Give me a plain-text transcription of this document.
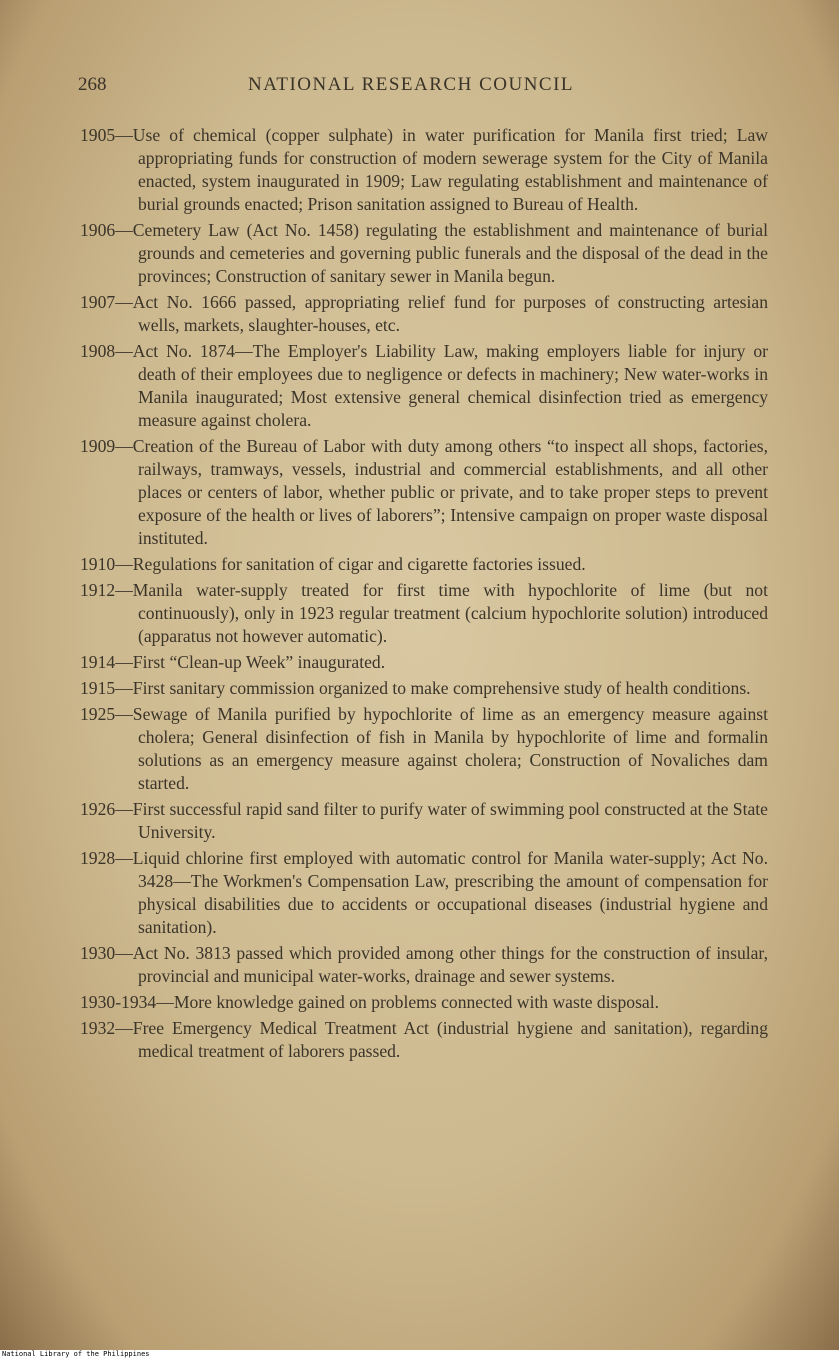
268	NATIONAL RESEARCH COUNCIL

1905—Use of chemical (copper sulphate) in water purification for Manila first tried; Law appropriating funds for construction of modern sewerage system for the City of Manila enacted, system inaugurated in 1909; Law regulating establishment and maintenance of burial grounds enacted; Prison sanitation assigned to Bureau of Health.

1906—Cemetery Law (Act No. 1458) regulating the establishment and maintenance of burial grounds and cemeteries and governing public funerals and the disposal of the dead in the provinces; Construction of sanitary sewer in Manila begun.

1907—Act No. 1666 passed, appropriating relief fund for purposes of constructing artesian wells, markets, slaughter-houses, etc.

1908—Act No. 1874—The Employer's Liability Law, making employers liable for injury or death of their employees due to negligence or defects in machinery; New water-works in Manila inaugurated; Most extensive general chemical disinfection tried as emergency measure against cholera.

1909—Creation of the Bureau of Labor with duty among others “to inspect all shops, factories, railways, tramways, vessels, industrial and commercial establishments, and all other places or centers of labor, whether public or private, and to take proper steps to prevent exposure of the health or lives of laborers”; Intensive campaign on proper waste disposal instituted.

1910—Regulations for sanitation of cigar and cigarette factories issued.

1912—Manila water-supply treated for first time with hypochlorite of lime (but not continuously), only in 1923 regular treatment (calcium hypochlorite solution) introduced (apparatus not however automatic).

1914—First “Clean-up Week” inaugurated.

1915—First sanitary commission organized to make comprehensive study of health conditions.

1925—Sewage of Manila purified by hypochlorite of lime as an emergency measure against cholera; General disinfection of fish in Manila by hypochlorite of lime and formalin solutions as an emergency measure against cholera; Construction of Novaliches dam started.

1926—First successful rapid sand filter to purify water of swimming pool constructed at the State University.

1928—Liquid chlorine first employed with automatic control for Manila water-supply; Act No. 3428—The Workmen's Compensation Law, prescribing the amount of compensation for physical disabilities due to accidents or occupational diseases (industrial hygiene and sanitation).

1930—Act No. 3813 passed which provided among other things for the construction of insular, provincial and municipal water-works, drainage and sewer systems.

1930-1934—More knowledge gained on problems connected with waste disposal.

1932—Free Emergency Medical Treatment Act (industrial hygiene and sanitation), regarding medical treatment of laborers passed.

National Library of the Philippines
